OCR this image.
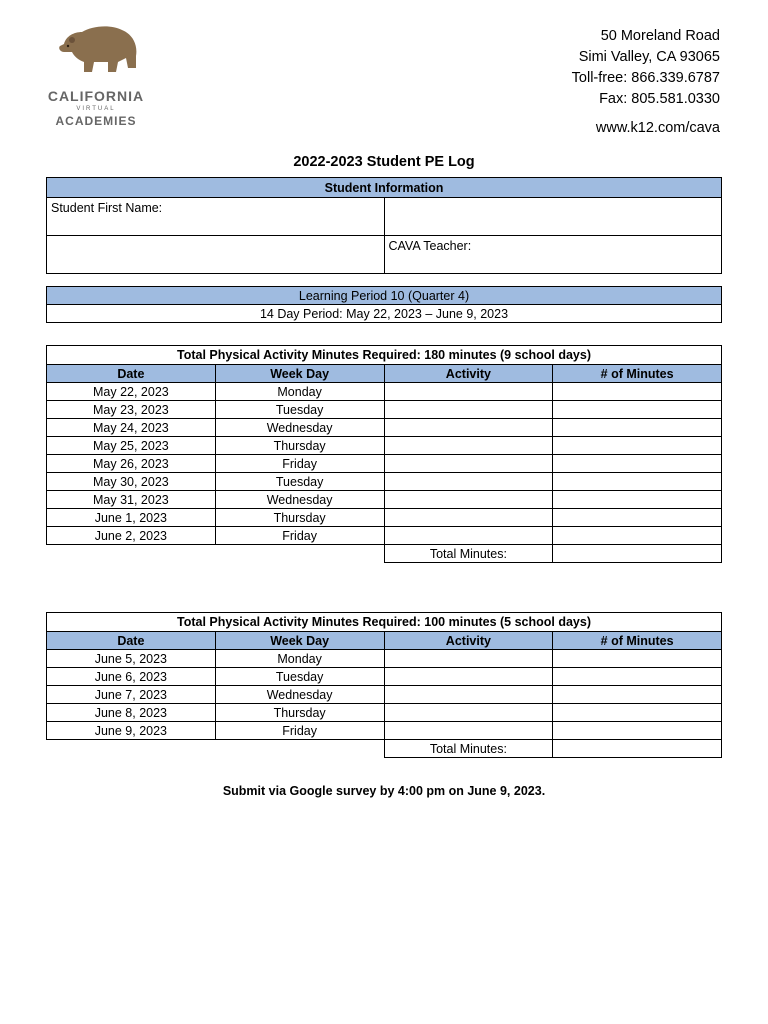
CALIFORNIA
VIRTUAL
ACADEMIES
50 Moreland Road
Simi Valley, CA 93065
Toll-free: 866.339.6787
Fax: 805.581.0330
www.k12.com/cava
2022-2023 Student PE Log
Student Information	
Student First Name:	
	CAVA Teacher:
Learning Period 10 (Quarter 4)
14 Day Period: May 22, 2023 – June 9, 2023
Total Physical Activity Minutes Required: 180 minutes (9 school days)			
Date	Week Day	Activity	# of Minutes
May 22, 2023	Monday		
May 23, 2023	Tuesday		
May 24, 2023	Wednesday		
May 25, 2023	Thursday		
May 26, 2023	Friday		
May 30, 2023	Tuesday		
May 31, 2023	Wednesday		
June 1, 2023	Thursday		
June 2, 2023	Friday		
		Total Minutes:	
Total Physical Activity Minutes Required: 100 minutes (5 school days)			
Date	Week Day	Activity	# of Minutes
June 5, 2023	Monday		
June 6, 2023	Tuesday		
June 7, 2023	Wednesday		
June 8, 2023	Thursday		
June 9, 2023	Friday		
		Total Minutes:	
Submit via Google survey by 4:00 pm on June 9, 2023.
